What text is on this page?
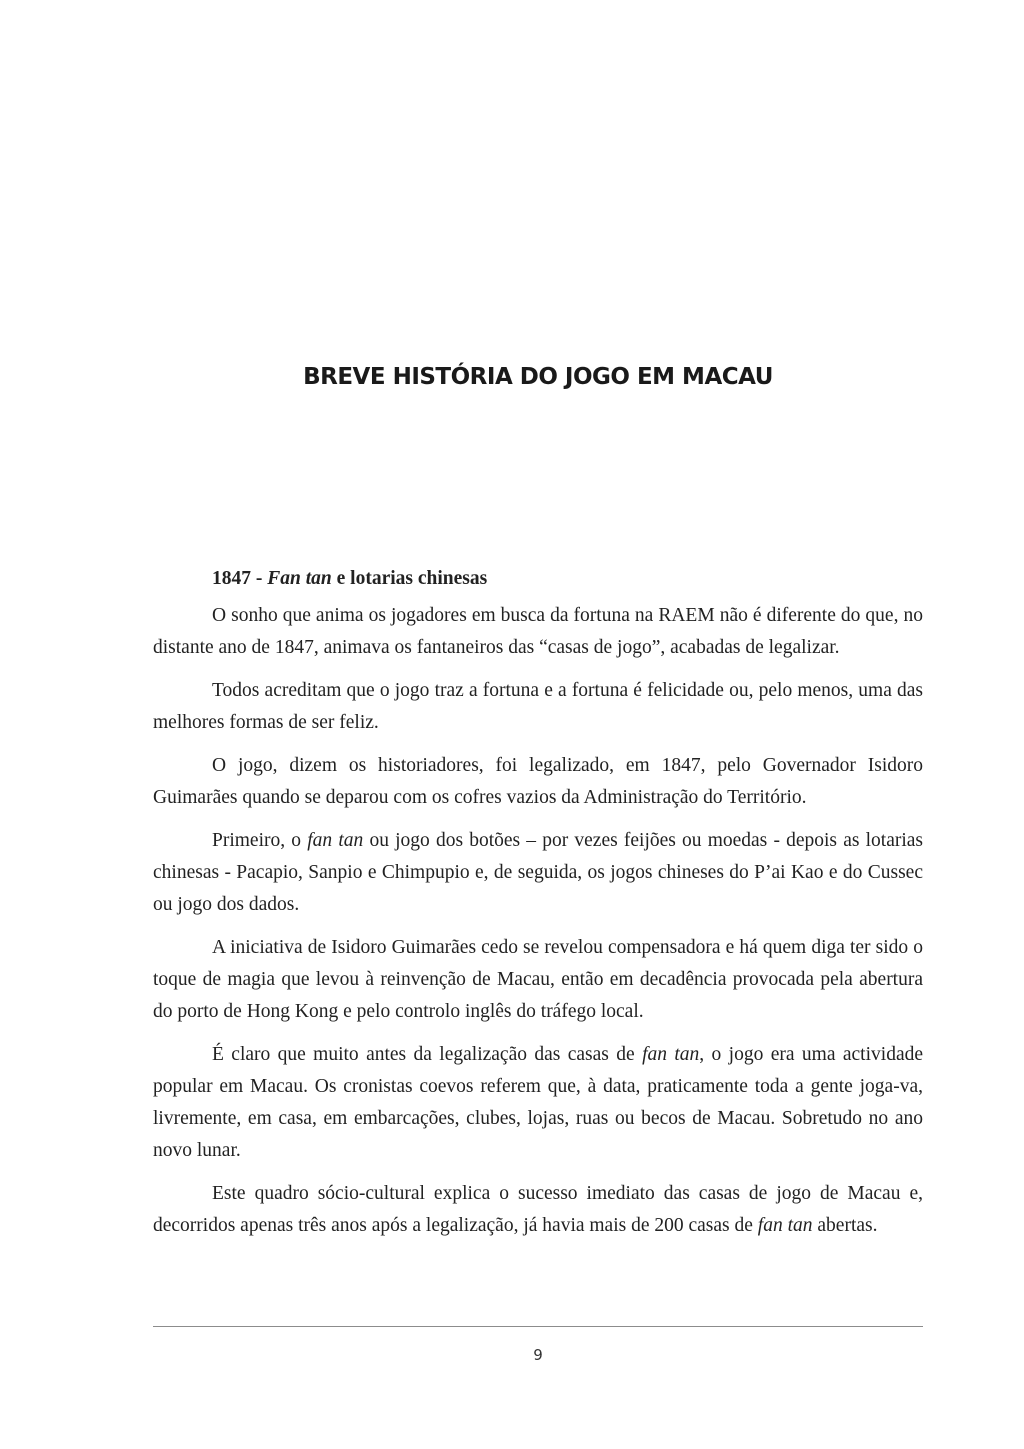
BREVE HISTÓRIA DO JOGO EM MACAU

1847 - Fan tan e lotarias chinesas

O sonho que anima os jogadores em busca da fortuna na RAEM não é diferente do que, no distante ano de 1847, animava os fantaneiros das “casas de jogo”, acabadas de legalizar.

Todos acreditam que o jogo traz a fortuna e a fortuna é felicidade ou, pelo menos, uma das melhores formas de ser feliz.

O jogo, dizem os historiadores, foi legalizado, em 1847, pelo Governador Isidoro Guimarães quando se deparou com os cofres vazios da Administração do Território.

Primeiro, o fan tan ou jogo dos botões – por vezes feijões ou moedas - depois as lotarias chinesas - Pacapio, Sanpio e Chimpupio e, de seguida, os jogos chineses do P’ai Kao e do Cussec ou jogo dos dados.

A iniciativa de Isidoro Guimarães cedo se revelou compensadora e há quem diga ter sido o toque de magia que levou à reinvenção de Macau, então em decadência provocada pela abertura do porto de Hong Kong e pelo controlo inglês do tráfego local.

É claro que muito antes da legalização das casas de fan tan, o jogo era uma actividade popular em Macau. Os cronistas coevos referem que, à data, praticamente toda a gente joga-va, livremente, em casa, em embarcações, clubes, lojas, ruas ou becos de Macau. Sobretudo no ano novo lunar.

Este quadro sócio-cultural explica o sucesso imediato das casas de jogo de Macau e, decorridos apenas três anos após a legalização, já havia mais de 200 casas de fan tan abertas.

9
